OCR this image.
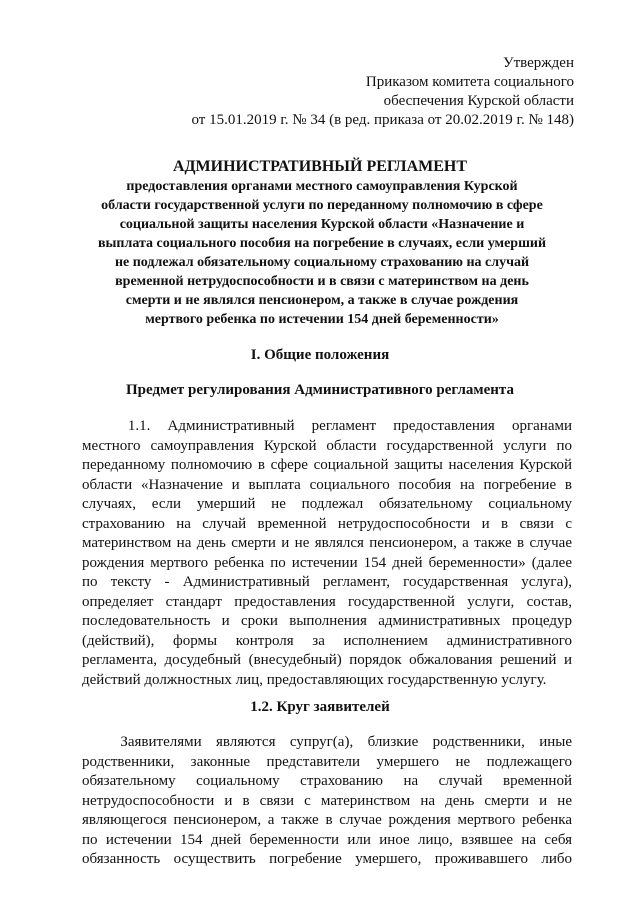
Утвержден
Приказом комитета социального
обеспечения Курской области
от 15.01.2019 г. № 34 (в ред. приказа от 20.02.2019 г. № 148)
АДМИНИСТРАТИВНЫЙ РЕГЛАМЕНТ
предоставления органами местного самоуправления Курской
области государственной услуги по переданному полномочию в сфере
социальной защиты населения Курской области «Назначение и
выплата социального пособия на погребение в случаях, если умерший
не подлежал обязательному социальному страхованию на случай
временной нетрудоспособности и в связи с материнством на день
смерти и не являлся пенсионером, а также в случае рождения
мертвого ребенка по истечении 154 дней беременности»
I. Общие положения
Предмет регулирования Административного регламента
1.1.   Административный   регламент   предоставления   органами
местного самоуправления Курской области государственной услуги по
переданному полномочию в сфере социальной защиты населения Курской
области «Назначение и выплата социального пособия на погребение в
случаях, если умерший не подлежал обязательному социальному
страхованию на случай временной нетрудоспособности и в связи с
материнством на день смерти и не являлся пенсионером, а также в случае
рождения мертвого ребенка по истечении 154 дней беременности» (далее
по тексту - Административный регламент, государственная услуга),
определяет стандарт предоставления государственной услуги, состав,
последовательность и сроки выполнения административных процедур
(действий), формы контроля за исполнением административного
регламента, досудебный (внесудебный) порядок обжалования решений и
действий должностных лиц, предоставляющих государственную услугу.
1.2. Круг заявителей
Заявителями   являются   супруг(а),   близкие   родственники,   иные
родственники, законные представители умершего не подлежащего
обязательному социальному страхованию на случай временной
нетрудоспособности и в связи с материнством на день смерти и не
являющегося пенсионером, а также в случае рождения мертвого ребенка
по истечении 154 дней беременности или иное лицо, взявшее на себя
обязанность осуществить погребение умершего, проживавшего либо
